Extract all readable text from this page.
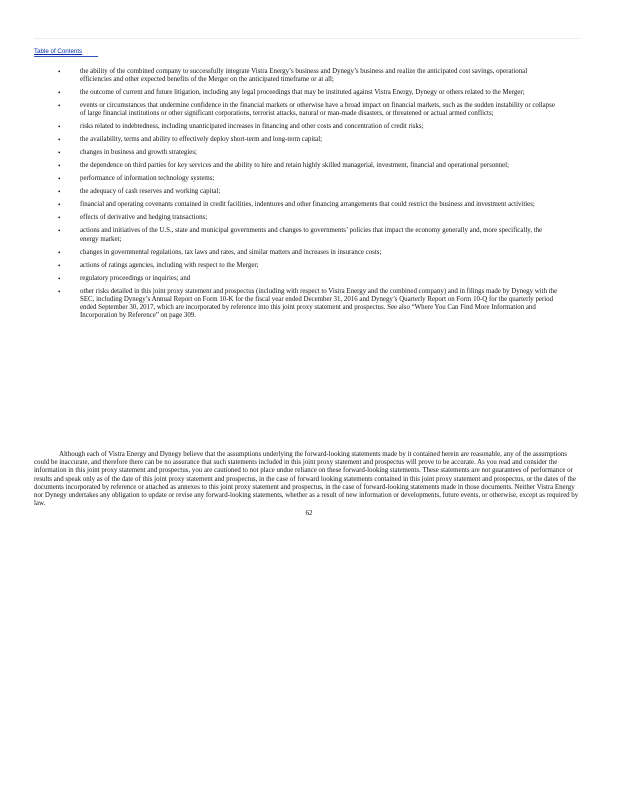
Table of Contents
•	the ability of the combined company to successfully integrate Vistra Energy’s business and Dynegy’s business and realize the anticipated cost savings, operational efficiencies and other expected benefits of the Merger on the anticipated timeframe or at all;
•	the outcome of current and future litigation, including any legal proceedings that may be instituted against Vistra Energy, Dynegy or others related to the Merger;
•	events or circumstances that undermine confidence in the financial markets or otherwise have a broad impact on financial markets, such as the sudden instability or collapse of large financial institutions or other significant corporations, terrorist attacks, natural or man-made disasters, or threatened or actual armed conflicts;
•	risks related to indebtedness, including unanticipated increases in financing and other costs and concentration of credit risks;
•	the availability, terms and ability to effectively deploy short-term and long-term capital;
•	changes in business and growth strategies;
•	the dependence on third parties for key services and the ability to hire and retain highly skilled managerial, investment, financial and operational personnel;
•	performance of information technology systems;
•	the adequacy of cash reserves and working capital;
•	financial and operating covenants contained in credit facilities, indentures and other financing arrangements that could restrict the business and investment activities;
•	effects of derivative and hedging transactions;
•	actions and initiatives of the U.S., state and municipal governments and changes to governments’ policies that impact the economy generally and, more specifically, the energy market;
•	changes in governmental regulations, tax laws and rates, and similar matters and increases in insurance costs;
•	actions of ratings agencies, including with respect to the Merger;
•	regulatory proceedings or inquiries; and
•	other risks detailed in this joint proxy statement and prospectus (including with respect to Vistra Energy and the combined company) and in filings made by Dynegy with the SEC, including Dynegy’s Annual Report on Form 10-K for the fiscal year ended December 31, 2016 and Dynegy’s Quarterly Report on Form 10-Q for the quarterly period ended September 30, 2017, which are incorporated by reference into this joint proxy statement and prospectus. See also “Where You Can Find More Information and Incorporation by Reference” on page 309.

Although each of Vistra Energy and Dynegy believe that the assumptions underlying the forward-looking statements made by it contained herein are reasonable, any of the assumptions could be inaccurate, and therefore there can be no assurance that such statements included in this joint proxy statement and prospectus will prove to be accurate. As you read and consider the information in this joint proxy statement and prospectus, you are cautioned to not place undue reliance on these forward-looking statements. These statements are not guarantees of performance or results and speak only as of the date of this joint proxy statement and prospectus, in the case of forward looking statements contained in this joint proxy statement and prospectus, or the dates of the documents incorporated by reference or attached as annexes to this joint proxy statement and prospectus, in the case of forward-looking statements made in those documents. Neither Vistra Energy nor Dynegy undertakes any obligation to update or revise any forward-looking statements, whether as a result of new information or developments, future events, or otherwise, except as required by law.

62
